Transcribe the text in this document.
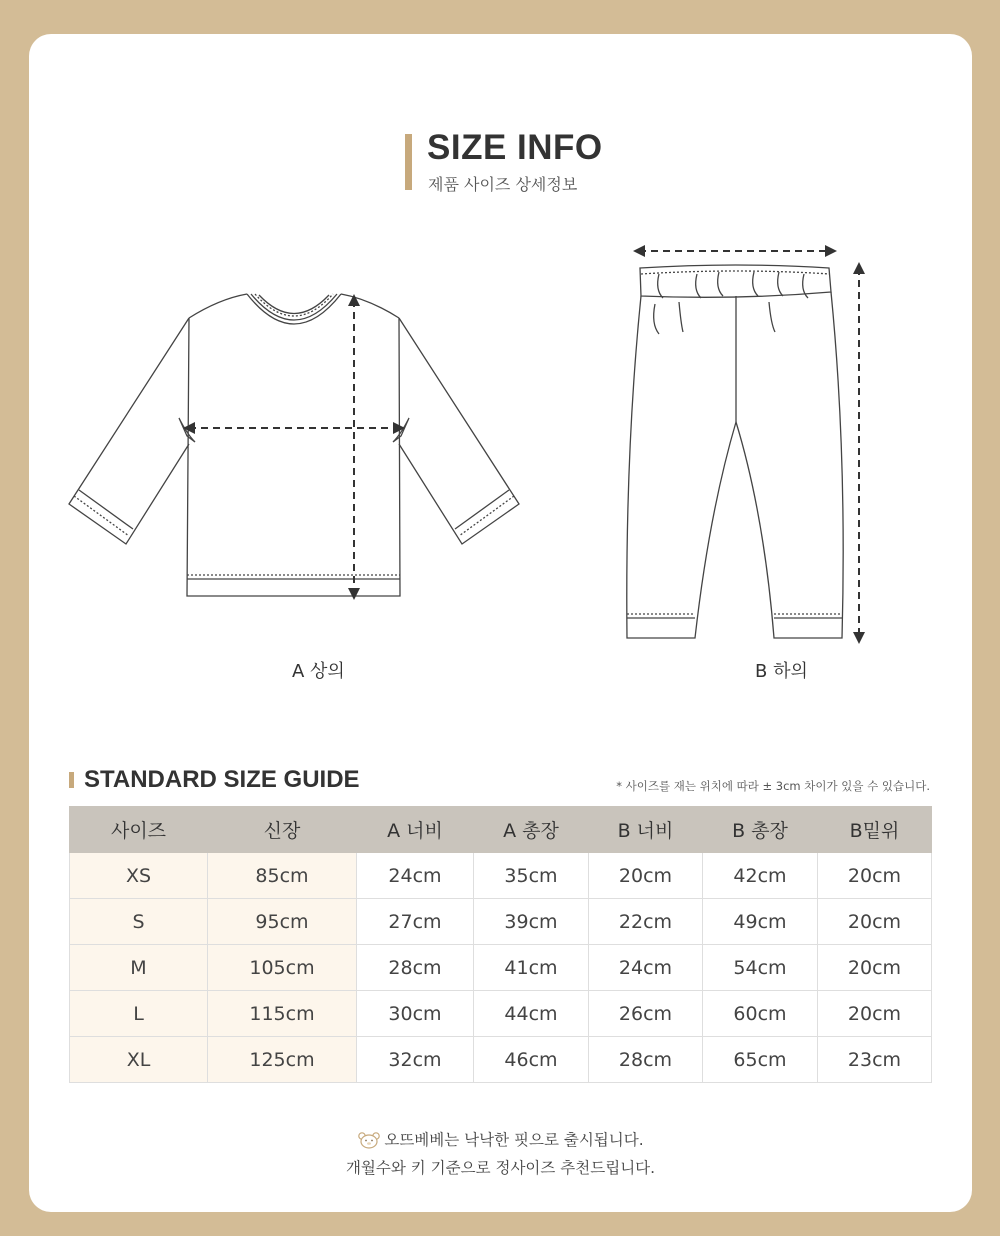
SIZE INFO
제품 사이즈 상세정보
A 상의	B 하의
STANDARD SIZE GUIDE	* 사이즈를 재는 위치에 따라 ± 3cm 차이가 있을 수 있습니다.
사이즈	신장	A 너비	A 총장	B 너비	B 총장	B밑위
XS	85cm	24cm	35cm	20cm	42cm	20cm
S	95cm	27cm	39cm	22cm	49cm	20cm
M	105cm	28cm	41cm	24cm	54cm	20cm
L	115cm	30cm	44cm	26cm	60cm	20cm
XL	125cm	32cm	46cm	28cm	65cm	23cm
오뜨베베는 낙낙한 핏으로 출시됩니다.
개월수와 키 기준으로 정사이즈 추천드립니다.
